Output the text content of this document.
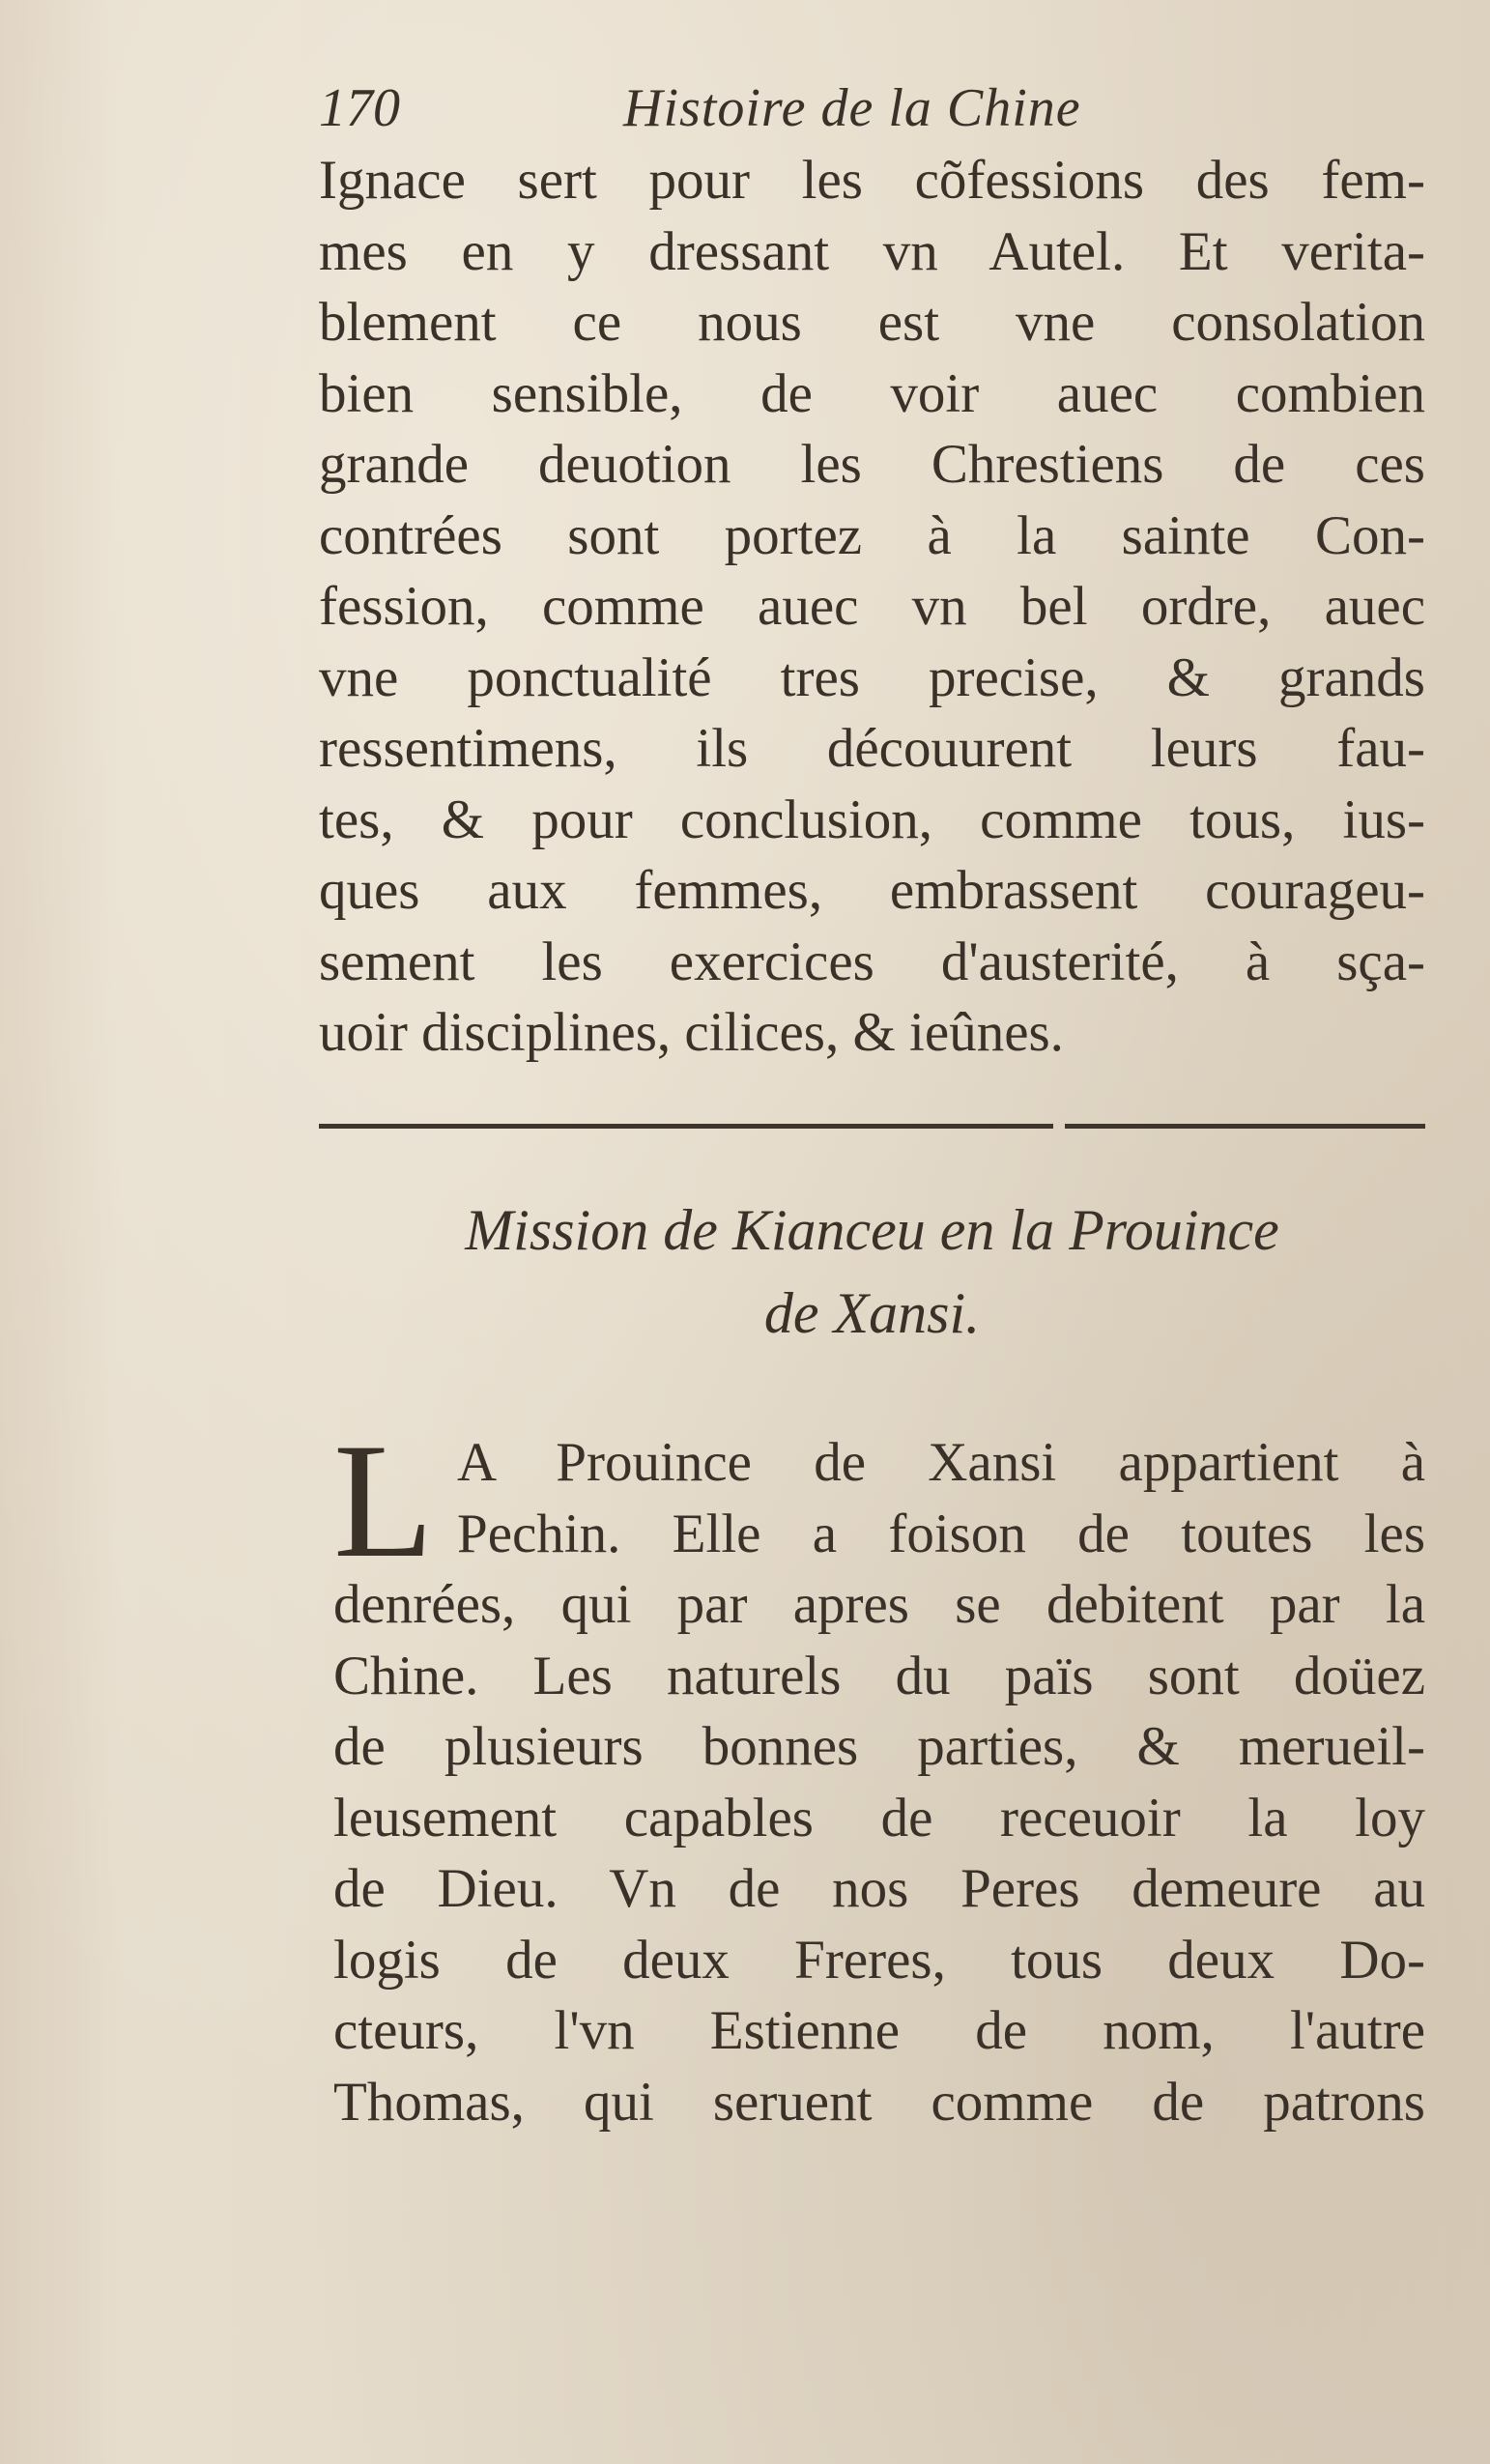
170	Histoire de la Chine
Ignace sert pour les cõfessions des fem-
mes en y dressant vn Autel. Et verita-
blement ce nous est vne consolation
bien sensible, de voir auec combien
grande deuotion les Chrestiens de ces
contrées sont portez à la sainte Con-
fession, comme auec vn bel ordre, auec
vne ponctualité tres precise, & grands
ressentimens, ils découurent leurs fau-
tes, & pour conclusion, comme tous, ius-
ques aux femmes, embrassent courageu-
sement les exercices d'austerité, à sça-
uoir disciplines, cilices, & ieûnes.
Mission de Kianceu en la Prouince
de Xansi.
L A Prouince de Xansi appartient à
Pechin. Elle a foison de toutes les
denrées, qui par apres se debitent par la
Chine. Les naturels du païs sont doüez
de plusieurs bonnes parties, & merueil-
leusement capables de receuoir la loy
de Dieu. Vn de nos Peres demeure au
logis de deux Freres, tous deux Do-
cteurs, l'vn Estienne de nom, l'autre
Thomas, qui seruent comme de patrons
